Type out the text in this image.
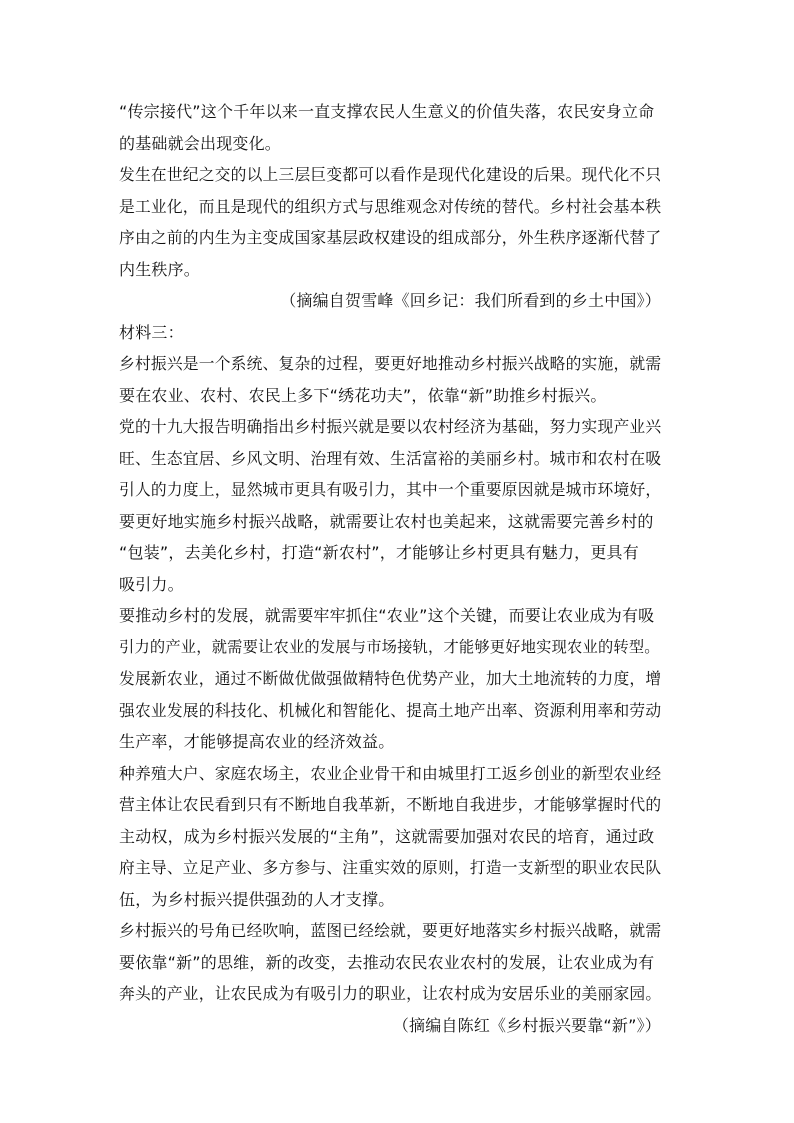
“传宗接代”这个千年以来一直支撑农民人生意义的价值失落，农民安身立命
的基础就会出现变化。
发生在世纪之交的以上三层巨变都可以看作是现代化建设的后果。现代化不只
是工业化，而且是现代的组织方式与思维观念对传统的替代。乡村社会基本秩
序由之前的内生为主变成国家基层政权建设的组成部分，外生秩序逐渐代替了
内生秩序。
（摘编自贺雪峰《回乡记：我们所看到的乡土中国》）
材料三：
乡村振兴是一个系统、复杂的过程，要更好地推动乡村振兴战略的实施，就需
要在农业、农村、农民上多下“绣花功夫”，依靠“新”助推乡村振兴。
党的十九大报告明确指出乡村振兴就是要以农村经济为基础，努力实现产业兴
旺、生态宜居、乡风文明、治理有效、生活富裕的美丽乡村。城市和农村在吸
引人的力度上，显然城市更具有吸引力，其中一个重要原因就是城市环境好，
要更好地实施乡村振兴战略，就需要让农村也美起来，这就需要完善乡村的
“包装”，去美化乡村，打造“新农村”，才能够让乡村更具有魅力，更具有
吸引力。
要推动乡村的发展，就需要牢牢抓住“农业”这个关键，而要让农业成为有吸
引力的产业，就需要让农业的发展与市场接轨，才能够更好地实现农业的转型。
发展新农业，通过不断做优做强做精特色优势产业，加大土地流转的力度，增
强农业发展的科技化、机械化和智能化、提高土地产出率、资源利用率和劳动
生产率，才能够提高农业的经济效益。
种养殖大户、家庭农场主，农业企业骨干和由城里打工返乡创业的新型农业经
营主体让农民看到只有不断地自我革新，不断地自我进步，才能够掌握时代的
主动权，成为乡村振兴发展的“主角”，这就需要加强对农民的培育，通过政
府主导、立足产业、多方参与、注重实效的原则，打造一支新型的职业农民队
伍，为乡村振兴提供强劲的人才支撑。
乡村振兴的号角已经吹响，蓝图已经绘就，要更好地落实乡村振兴战略，就需
要依靠“新”的思维，新的改变，去推动农民农业农村的发展，让农业成为有
奔头的产业，让农民成为有吸引力的职业，让农村成为安居乐业的美丽家园。
（摘编自陈红《乡村振兴要靠“新”》）
